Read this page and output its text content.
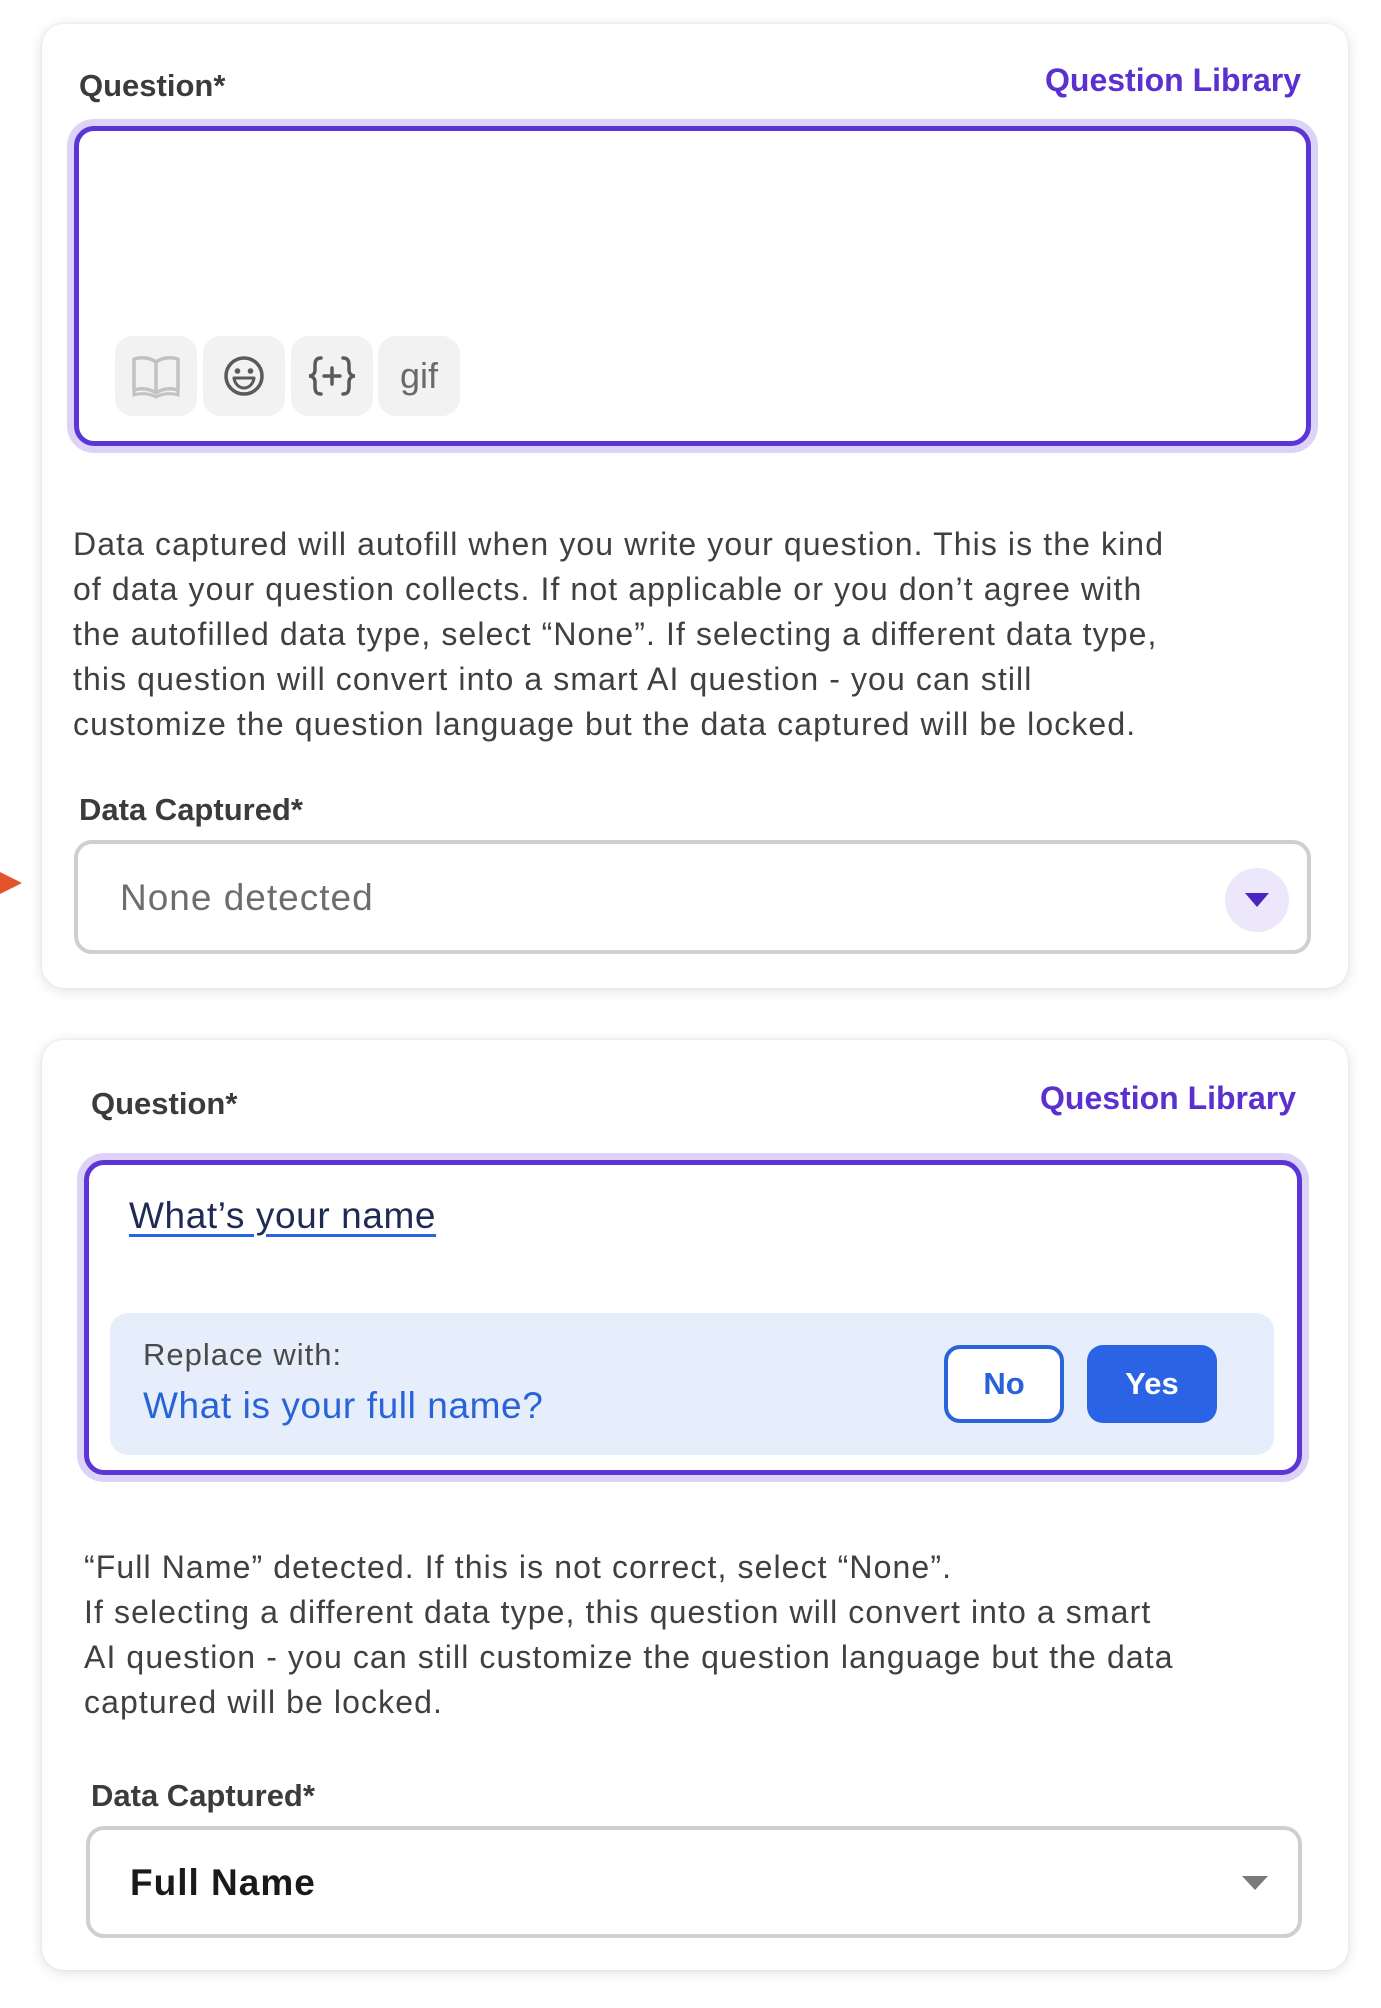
Question*	Question Library
gif
Data captured will autofill when you write your question. This is the kind
of data your question collects. If not applicable or you don’t agree with
the autofilled data type, select “None”. If selecting a different data type,
this question will convert into a smart AI question - you can still
customize the question language but the data captured will be locked.
Data Captured*
None detected
Question*	Question Library
What’s your name
Replace with:
What is your full name?
No	Yes
“Full Name” detected. If this is not correct, select “None”.
If selecting a different data type, this question will convert into a smart
AI question - you can still customize the question language but the data
captured will be locked.
Data Captured*
Full Name
